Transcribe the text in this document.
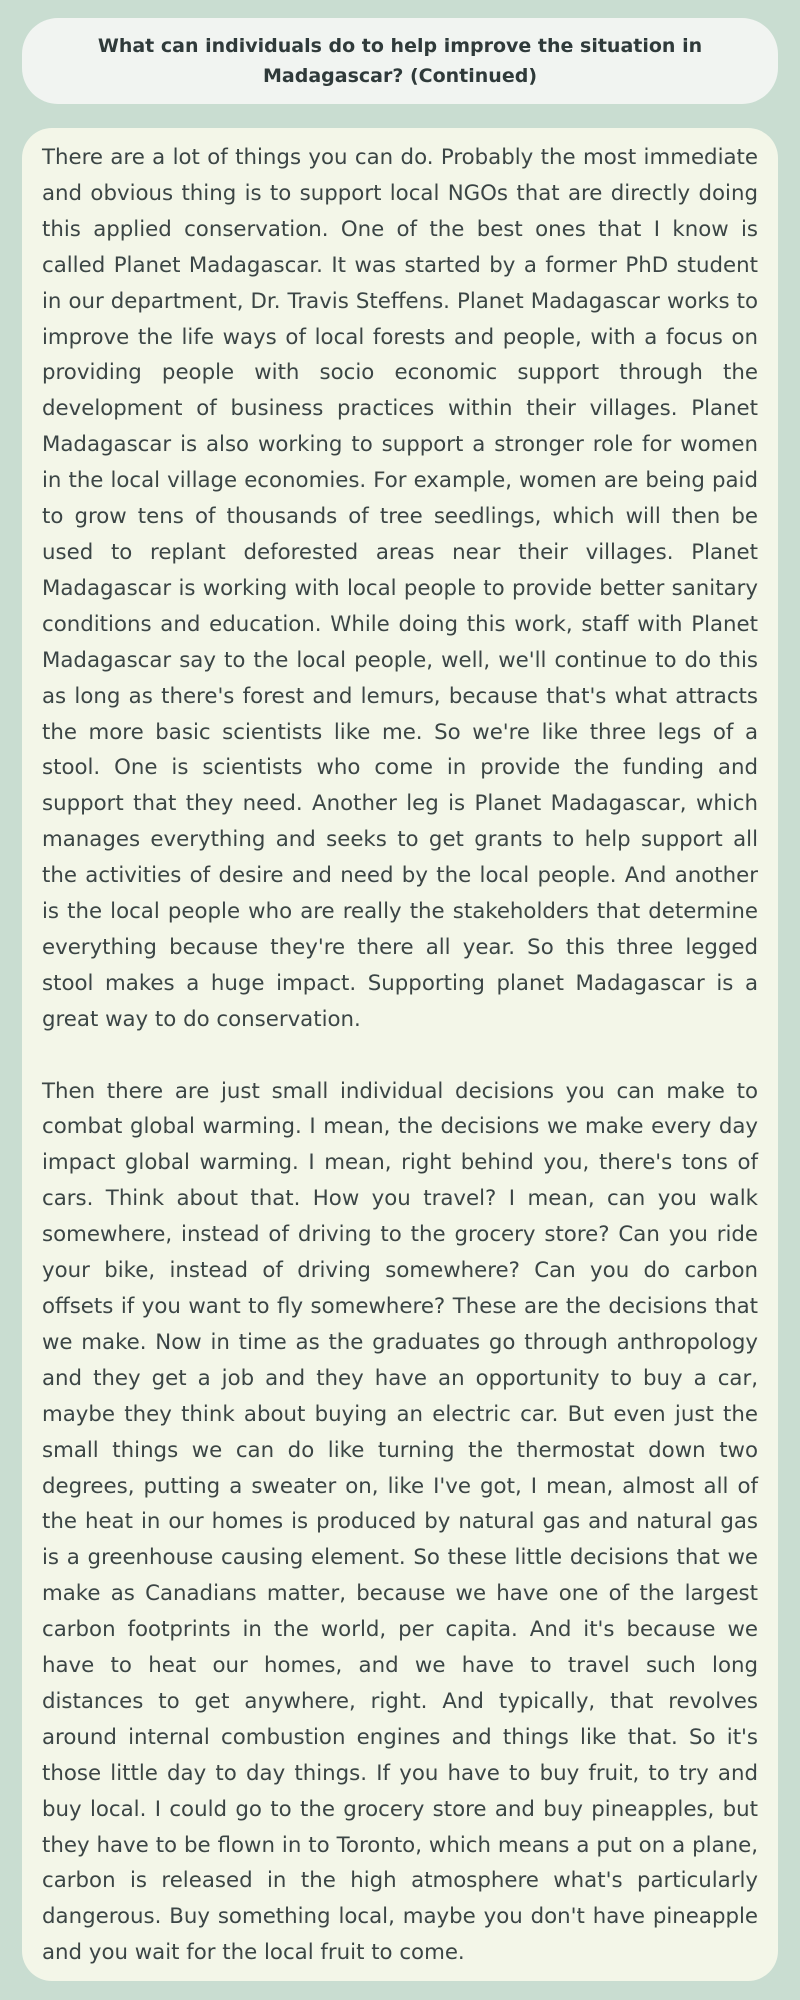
What can individuals do to help improve the situation in Madagascar? (Continued)

There are a lot of things you can do. Probably the most immediate and obvious thing is to support local NGOs that are directly doing this applied conservation. One of the best ones that I know is called Planet Madagascar. It was started by a former PhD student in our department, Dr. Travis Steffens. Planet Madagascar works to improve the life ways of local forests and people, with a focus on providing people with socio economic support through the development of business practices within their villages. Planet Madagascar is also working to support a stronger role for women in the local village economies. For example, women are being paid to grow tens of thousands of tree seedlings, which will then be used to replant deforested areas near their villages. Planet Madagascar is working with local people to provide better sanitary conditions and education. While doing this work, staff with Planet Madagascar say to the local people, well, we'll continue to do this as long as there's forest and lemurs, because that's what attracts the more basic scientists like me. So we're like three legs of a stool. One is scientists who come in provide the funding and support that they need. Another leg is Planet Madagascar, which manages everything and seeks to get grants to help support all the activities of desire and need by the local people. And another is the local people who are really the stakeholders that determine everything because they're there all year. So this three legged stool makes a huge impact. Supporting planet Madagascar is a great way to do conservation.

Then there are just small individual decisions you can make to combat global warming. I mean, the decisions we make every day impact global warming. I mean, right behind you, there's tons of cars. Think about that. How you travel? I mean, can you walk somewhere, instead of driving to the grocery store? Can you ride your bike, instead of driving somewhere? Can you do carbon offsets if you want to fly somewhere? These are the decisions that we make. Now in time as the graduates go through anthropology and they get a job and they have an opportunity to buy a car, maybe they think about buying an electric car. But even just the small things we can do like turning the thermostat down two degrees, putting a sweater on, like I've got, I mean, almost all of the heat in our homes is produced by natural gas and natural gas is a greenhouse causing element. So these little decisions that we make as Canadians matter, because we have one of the largest carbon footprints in the world, per capita. And it's because we have to heat our homes, and we have to travel such long distances to get anywhere, right. And typically, that revolves around internal combustion engines and things like that. So it's those little day to day things. If you have to buy fruit, to try and buy local. I could go to the grocery store and buy pineapples, but they have to be flown in to Toronto, which means a put on a plane, carbon is released in the high atmosphere what's particularly dangerous. Buy something local, maybe you don't have pineapple and you wait for the local fruit to come.
